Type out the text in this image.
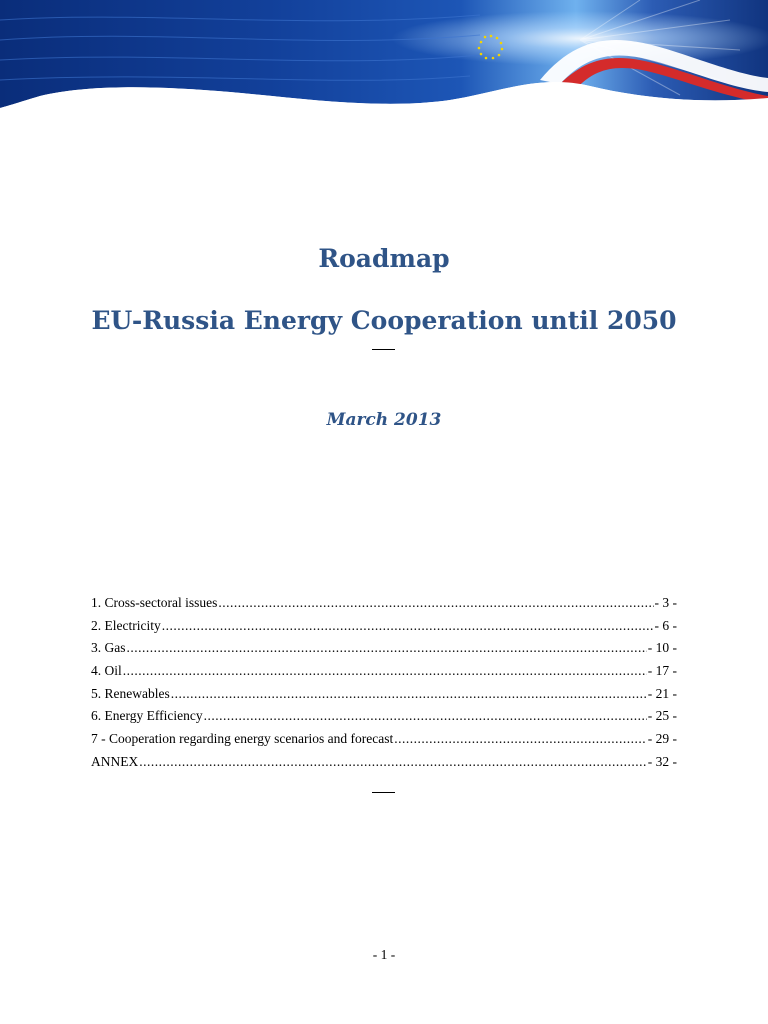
Roadmap
EU-Russia Energy Cooperation until 2050
March 2013
1. Cross-sectoral issues .....	- 3 -
2. Electricity .....	- 6 -
3. Gas .....	- 10 -
4. Oil .....	- 17 -
5. Renewables .....	- 21 -
6. Energy Efficiency .....	- 25 -
7 - Cooperation regarding energy scenarios and forecast .....	- 29 -
ANNEX .....	- 32 -
- 1 -
